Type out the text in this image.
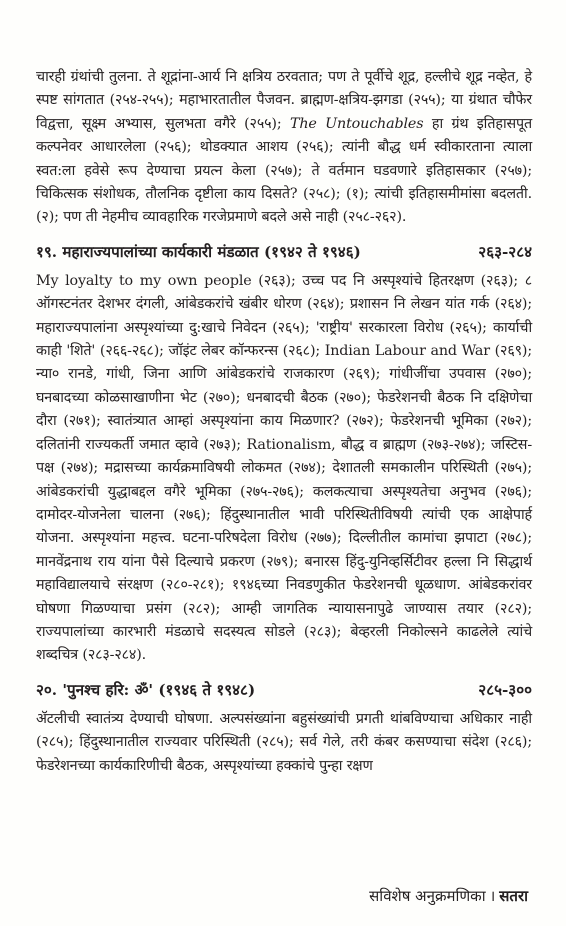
चारही ग्रंथांची तुलना. ते शूद्रांना-आर्य नि क्षत्रिय ठरवतात; पण ते पूर्वीचे शूद्र, हल्लीचे शूद्र नव्हेत, हे स्पष्ट सांगतात (२५४-२५५); महाभारतातील पैजवन. ब्राह्मण-क्षत्रिय-झगडा (२५५); या ग्रंथात चौफेर विद्वत्ता, सूक्ष्म अभ्यास, सुलभता वगैरे (२५५); The Untouchables हा ग्रंथ इतिहासपूत कल्पनेवर आधारलेला (२५६); थोडक्यात आशय (२५६); त्यांनी बौद्ध धर्म स्वीकारताना त्याला स्वत:ला हवेसे रूप देण्याचा प्रयत्न केला (२५७); ते वर्तमान घडवणारे इतिहासकार (२५७); चिकित्सक संशोधक, तौलनिक दृष्टीला काय दिसते? (२५८); (१); त्यांची इतिहासमीमांसा बदलती. (२); पण ती नेहमीच व्यावहारिक गरजेप्रमाणे बदले असे नाही (२५८-२६२).

१९. महाराज्यपालांच्या कार्यकारी मंडळात (१९४२ ते १९४६)	२६३-२८४

My loyalty to my own people (२६३); उच्च पद नि अस्पृश्यांचे हितरक्षण (२६३); ८ ऑगस्टनंतर देशभर दंगली, आंबेडकरांचे खंबीर धोरण (२६४); प्रशासन नि लेखन यांत गर्क (२६४); महाराज्यपालांना अस्पृश्यांच्या दु:खाचे निवेदन (२६५); 'राष्ट्रीय' सरकारला विरोध (२६५); कार्याची काही 'शिते' (२६६-२६८); जॉइंट लेबर कॉन्फरन्स (२६८); Indian Labour and War (२६९); न्या० रानडे, गांधी, जिना आणि आंबेडकरांचे राजकारण (२६९); गांधीजींचा उपवास (२७०); घनबादच्या कोळसाखाणीना भेट (२७०); धनबादची बैठक (२७०); फेडरेशनची बैठक नि दक्षिणेचा दौरा (२७१); स्वातंत्र्यात आम्हां अस्पृश्यांना काय मिळणार? (२७२); फेडरेशनची भूमिका (२७२); दलितांनी राज्यकर्ती जमात व्हावे (२७३); Rationalism, बौद्ध व ब्राह्मण (२७३-२७४); जस्टिस-पक्ष (२७४); मद्रासच्या कार्यक्रमाविषयी लोकमत (२७४); देशातली समकालीन परिस्थिती (२७५); आंबेडकरांची युद्धाबद्दल वगैरे भूमिका (२७५-२७६); कलकत्याचा अस्पृश्यतेचा अनुभव (२७६); दामोदर-योजनेला चालना (२७६); हिंदुस्थानातील भावी परिस्थितीविषयी त्यांची एक आक्षेपार्ह योजना. अस्पृश्यांना महत्त्व. घटना-परिषदेला विरोध (२७७); दिल्लीतील कामांचा झपाटा (२७८); मानवेंद्रनाथ राय यांना पैसे दिल्याचे प्रकरण (२७९); बनारस हिंदु-युनिव्हर्सिटीवर हल्ला नि सिद्धार्थ महाविद्यालयाचे संरक्षण (२८०-२८१); १९४६च्या निवडणुकीत फेडरेशनची धूळधाण. आंबेडकरांवर घोषणा गिळण्याचा प्रसंग (२८२); आम्ही जागतिक न्यायासनापुढे जाण्यास तयार (२८२); राज्यपालांच्या कारभारी मंडळाचे सदस्यत्व सोडले (२८३); बेव्हरली निकोल्सने काढलेले त्यांचे शब्दचित्र (२८३-२८४).

२०. 'पुनश्च हरि: ॐ' (१९४६ ते १९४८)	२८५-३००

ॲटलीची स्वातंत्र्य देण्याची घोषणा. अल्पसंख्यांना बहुसंख्यांची प्रगती थांबविण्याचा अधिकार नाही (२८५); हिंदुस्थानातील राज्यवार परिस्थिती (२८५); सर्व गेले, तरी कंबर कसण्याचा संदेश (२८६); फेडरेशनच्या कार्यकारिणीची बैठक, अस्पृश्यांच्या हक्कांचे पुन्हा रक्षण

सविशेष अनुक्रमणिका । सतरा
